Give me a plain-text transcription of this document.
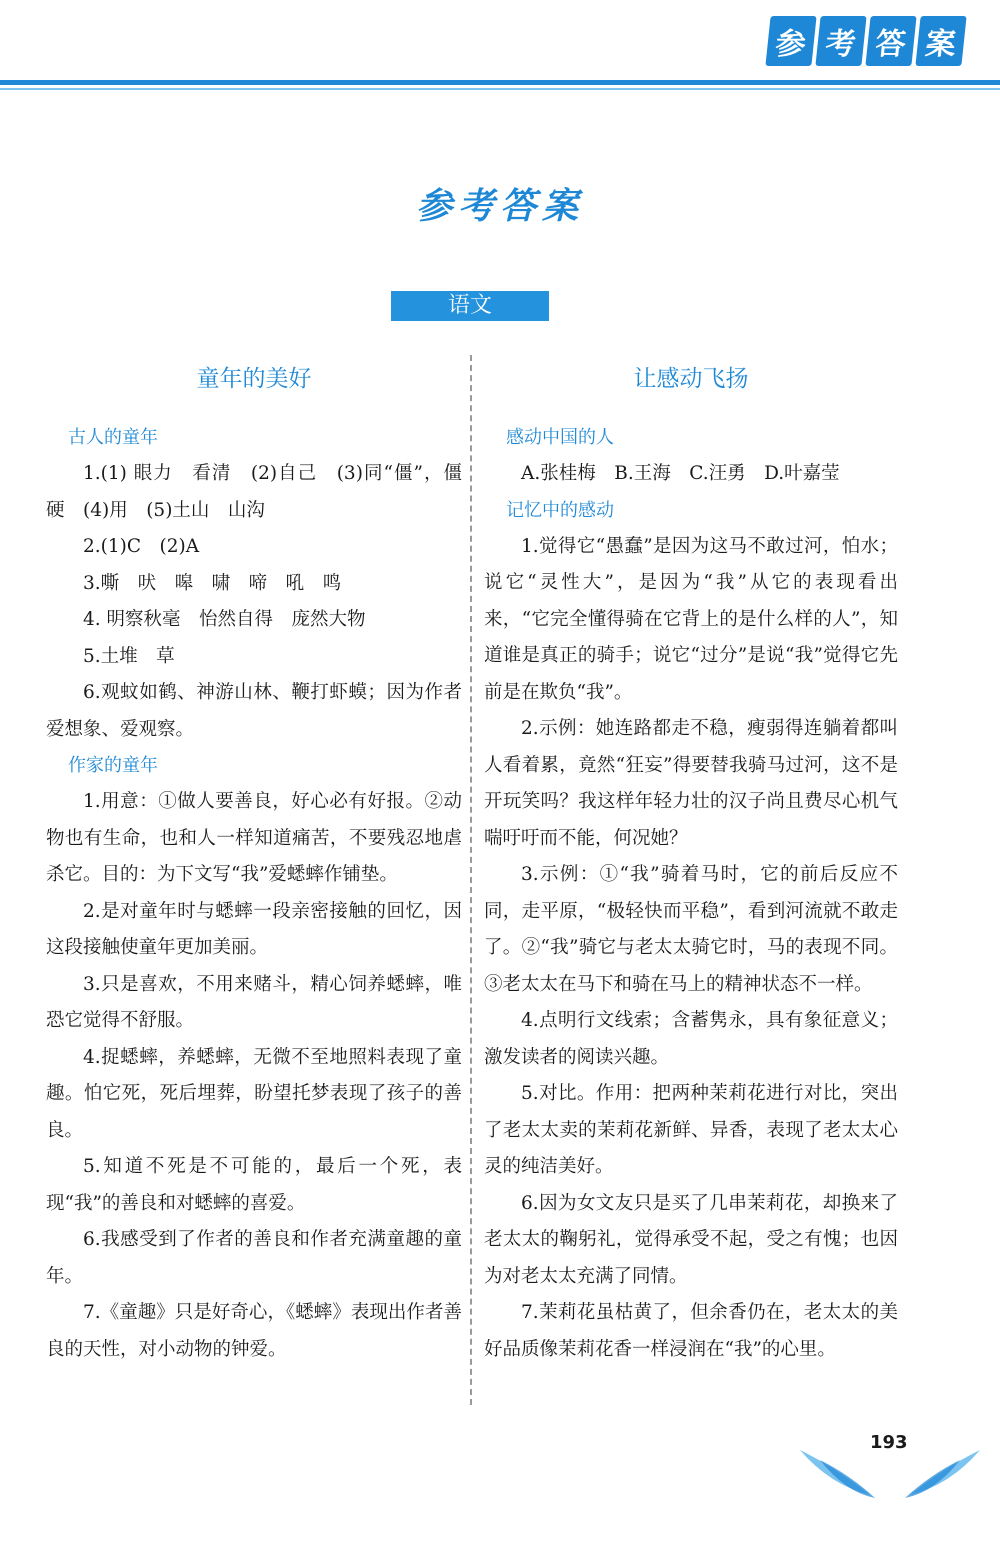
参 考 答 案
参考答案
语文
童年的美好
古人的童年

1.(1) 眼力　看清　(2)自己　(3)同“僵”，僵硬　(4)用　(5)土山　山沟

2.(1)C　(2)A

3.嘶　吠　嗥　啸　啼　吼　鸣

4. 明察秋毫　怡然自得　庞然大物

5.土堆　草

6.观蚊如鹤、神游山林、鞭打虾蟆；因为作者爱想象、爱观察。

作家的童年

1.用意：①做人要善良，好心必有好报。②动物也有生命，也和人一样知道痛苦，不要残忍地虐杀它。目的：为下文写“我”爱蟋蟀作铺垫。

2.是对童年时与蟋蟀一段亲密接触的回忆，因这段接触使童年更加美丽。

3.只是喜欢，不用来赌斗，精心饲养蟋蟀，唯恐它觉得不舒服。

4.捉蟋蟀，养蟋蟀，无微不至地照料表现了童趣。怕它死，死后埋葬，盼望托梦表现了孩子的善良。

5.知道不死是不可能的，最后一个死，表现“我”的善良和对蟋蟀的喜爱。

6.我感受到了作者的善良和作者充满童趣的童年。

7.《童趣》只是好奇心，《蟋蟀》表现出作者善良的天性，对小动物的钟爱。

让感动飞扬
感动中国的人

A.张桂梅　B.王海　C.汪勇　D.叶嘉莹

记忆中的感动

1.觉得它“愚蠢”是因为这马不敢过河，怕水；说它“灵性大”，是因为“我”从它的表现看出来，“它完全懂得骑在它背上的是什么样的人”，知道谁是真正的骑手；说它“过分”是说“我”觉得它先前是在欺负“我”。

2.示例：她连路都走不稳，瘦弱得连躺着都叫人看着累，竟然“狂妄”得要替我骑马过河，这不是开玩笑吗？我这样年轻力壮的汉子尚且费尽心机气喘吁吁而不能，何况她？

3.示例：①“我”骑着马时，它的前后反应不同，走平原，“极轻快而平稳”，看到河流就不敢走了。②“我”骑它与老太太骑它时，马的表现不同。③老太太在马下和骑在马上的精神状态不一样。

4.点明行文线索；含蓄隽永，具有象征意义；激发读者的阅读兴趣。

5.对比。作用：把两种茉莉花进行对比，突出了老太太卖的茉莉花新鲜、异香，表现了老太太心灵的纯洁美好。

6.因为女文友只是买了几串茉莉花，却换来了老太太的鞠躬礼，觉得承受不起，受之有愧；也因为对老太太充满了同情。

7.茉莉花虽枯黄了，但余香仍在，老太太的美好品质像茉莉花香一样浸润在“我”的心里。

193
